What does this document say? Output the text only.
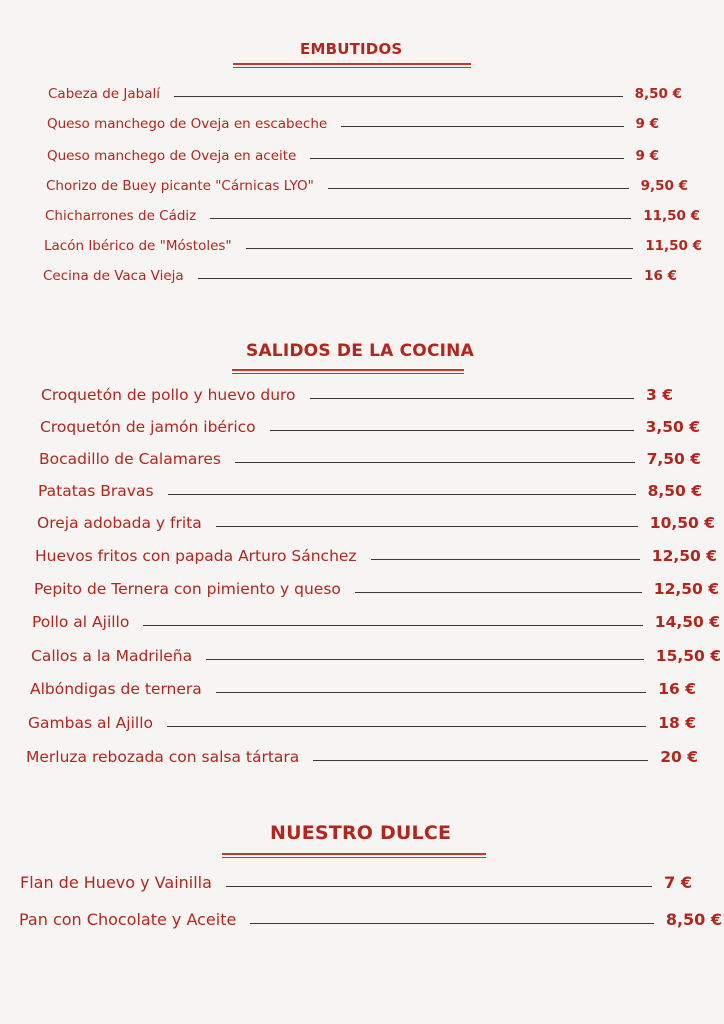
EMBUTIDOS
Cabeza de Jabalí	8,50 €
Queso manchego de Oveja en escabeche	9 €
Queso manchego de Oveja en aceite	9 €
Chorizo de Buey picante "Cárnicas LYO"	9,50 €
Chicharrones de Cádiz	11,50 €
Lacón Ibérico de "Móstoles"	11,50 €
Cecina de Vaca Vieja	16 €
SALIDOS DE LA COCINA
Croquetón de pollo y huevo duro	3 €
Croquetón de jamón ibérico	3,50 €
Bocadillo de Calamares	7,50 €
Patatas Bravas	8,50 €
Oreja adobada y frita	10,50 €
Huevos fritos con papada Arturo Sánchez	12,50 €
Pepito de Ternera con pimiento y queso	12,50 €
Pollo al Ajillo	14,50 €
Callos a la Madrileña	15,50 €
Albóndigas de ternera	16 €
Gambas al Ajillo	18 €
Merluza rebozada con salsa tártara	20 €
NUESTRO DULCE
Flan de Huevo y Vainilla	7 €
Pan con Chocolate y Aceite	8,50 €
